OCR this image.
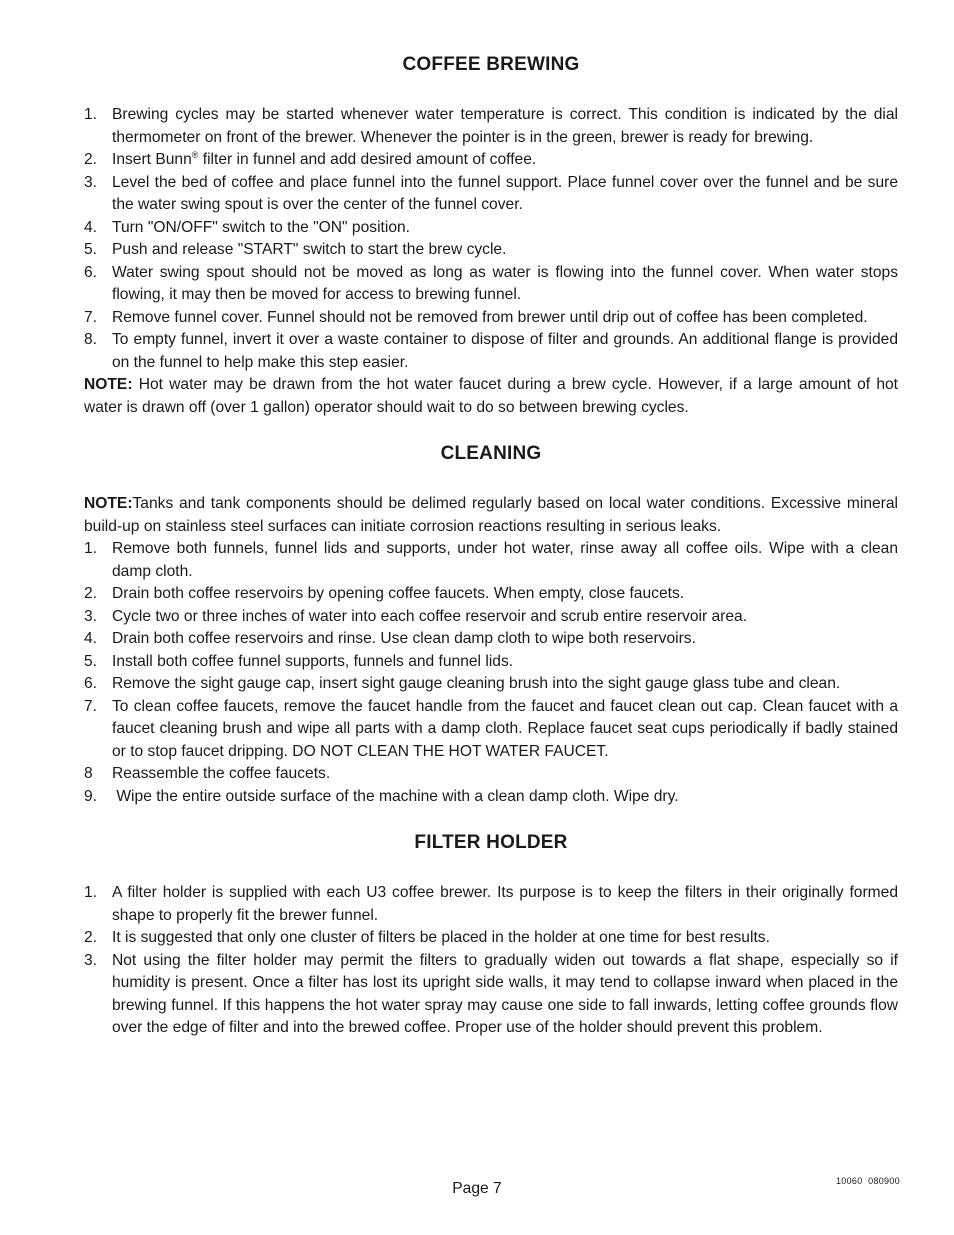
COFFEE BREWING
1. Brewing cycles may be started whenever water temperature is correct. This condition is indicated by the dial thermometer on front of the brewer. Whenever the pointer is in the green, brewer is ready for brewing.
2. Insert Bunn® filter in funnel and add desired amount of coffee.
3. Level the bed of coffee and place funnel into the funnel support. Place funnel cover over the funnel and be sure the water swing spout is over the center of the funnel cover.
4. Turn "ON/OFF" switch to the "ON" position.
5. Push and release "START" switch to start the brew cycle.
6. Water swing spout should not be moved as long as water is flowing into the funnel cover. When water stops flowing, it may then be moved for access to brewing funnel.
7. Remove funnel cover. Funnel should not be removed from brewer until drip out of coffee has been completed.
8. To empty funnel, invert it over a waste container to dispose of filter and grounds. An additional flange is provided on the funnel to help make this step easier.

NOTE: Hot water may be drawn from the hot water faucet during a brew cycle. However, if a large amount of hot water is drawn off (over 1 gallon) operator should wait to do so between brewing cycles.

CLEANING

NOTE:Tanks and tank components should be delimed regularly based on local water conditions. Excessive mineral build-up on stainless steel surfaces can initiate corrosion reactions resulting in serious leaks.

1. Remove both funnels, funnel lids and supports, under hot water, rinse away all coffee oils. Wipe with a clean damp cloth.
2. Drain both coffee reservoirs by opening coffee faucets. When empty, close faucets.
3. Cycle two or three inches of water into each coffee reservoir and scrub entire reservoir area.
4. Drain both coffee reservoirs and rinse. Use clean damp cloth to wipe both reservoirs.
5. Install both coffee funnel supports, funnels and funnel lids.
6. Remove the sight gauge cap, insert sight gauge cleaning brush into the sight gauge glass tube and clean.
7. To clean coffee faucets, remove the faucet handle from the faucet and faucet clean out cap. Clean faucet with a faucet cleaning brush and wipe all parts with a damp cloth. Replace faucet seat cups periodically if badly stained or to stop faucet dripping. DO NOT CLEAN THE HOT WATER FAUCET.
8 Reassemble the coffee faucets.
9. Wipe the entire outside surface of the machine with a clean damp cloth. Wipe dry.
FILTER HOLDER
1. A filter holder is supplied with each U3 coffee brewer. Its purpose is to keep the filters in their originally formed shape to properly fit the brewer funnel.
2. It is suggested that only one cluster of filters be placed in the holder at one time for best results.
3. Not using the filter holder may permit the filters to gradually widen out towards a flat shape, especially so if humidity is present. Once a filter has lost its upright side walls, it may tend to collapse inward when placed in the brewing funnel. If this happens the hot water spray may cause one side to fall inwards, letting coffee grounds flow over the edge of filter and into the brewed coffee. Proper use of the holder should prevent this problem.
Page 7	10060  080900
